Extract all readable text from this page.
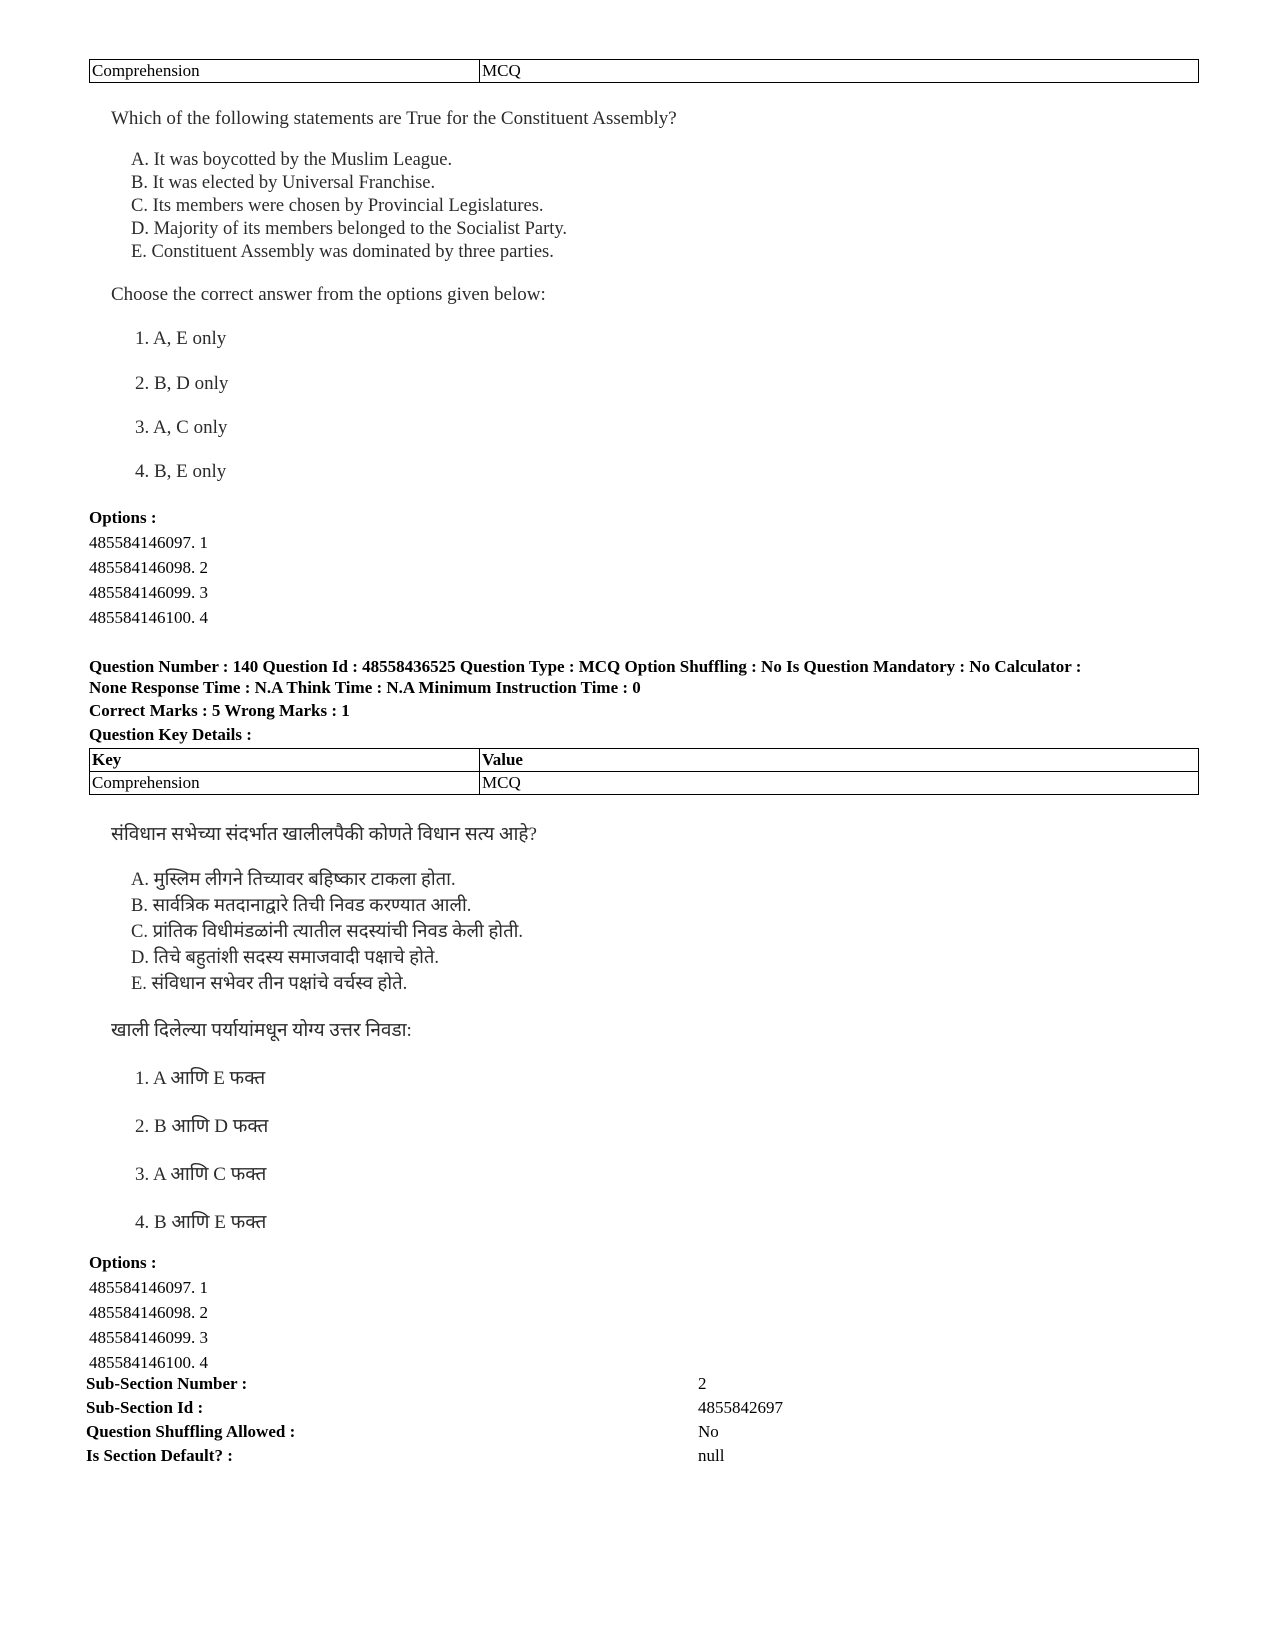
Comprehension	MCQ
Which of the following statements are True for the Constituent Assembly?
A. It was boycotted by the Muslim League.
B. It was elected by Universal Franchise.
C. Its members were chosen by Provincial Legislatures.
D. Majority of its members belonged to the Socialist Party.
E. Constituent Assembly was dominated by three parties.
Choose the correct answer from the options given below:
1. A, E only
2. B, D only
3. A, C only
4. B, E only
Options :
485584146097. 1
485584146098. 2
485584146099. 3
485584146100. 4
Question Number : 140 Question Id : 48558436525 Question Type : MCQ Option Shuffling : No Is Question Mandatory : No Calculator :
None Response Time : N.A Think Time : N.A Minimum Instruction Time : 0
Correct Marks : 5 Wrong Marks : 1
Question Key Details :
Key	Value
Comprehension	MCQ
संविधान सभेच्या संदर्भात खालीलपैकी कोणते विधान सत्य आहे?
A. मुस्लिम लीगने तिच्यावर बहिष्कार टाकला होता.
B. सार्वत्रिक मतदानाद्वारे तिची निवड करण्यात आली.
C. प्रांतिक विधीमंडळांनी त्यातील सदस्यांची निवड केली होती.
D. तिचे बहुतांशी सदस्य समाजवादी पक्षाचे होते.
E. संविधान सभेवर तीन पक्षांचे वर्चस्व होते.
खाली दिलेल्या पर्यायांमधून योग्य उत्तर निवडा:
1. A आणि E फक्त
2. B आणि D फक्त
3. A आणि C फक्त
4. B आणि E फक्त
Options :
485584146097. 1
485584146098. 2
485584146099. 3
485584146100. 4
Sub-Section Number :	2
Sub-Section Id :	4855842697
Question Shuffling Allowed :	No
Is Section Default? :	null
